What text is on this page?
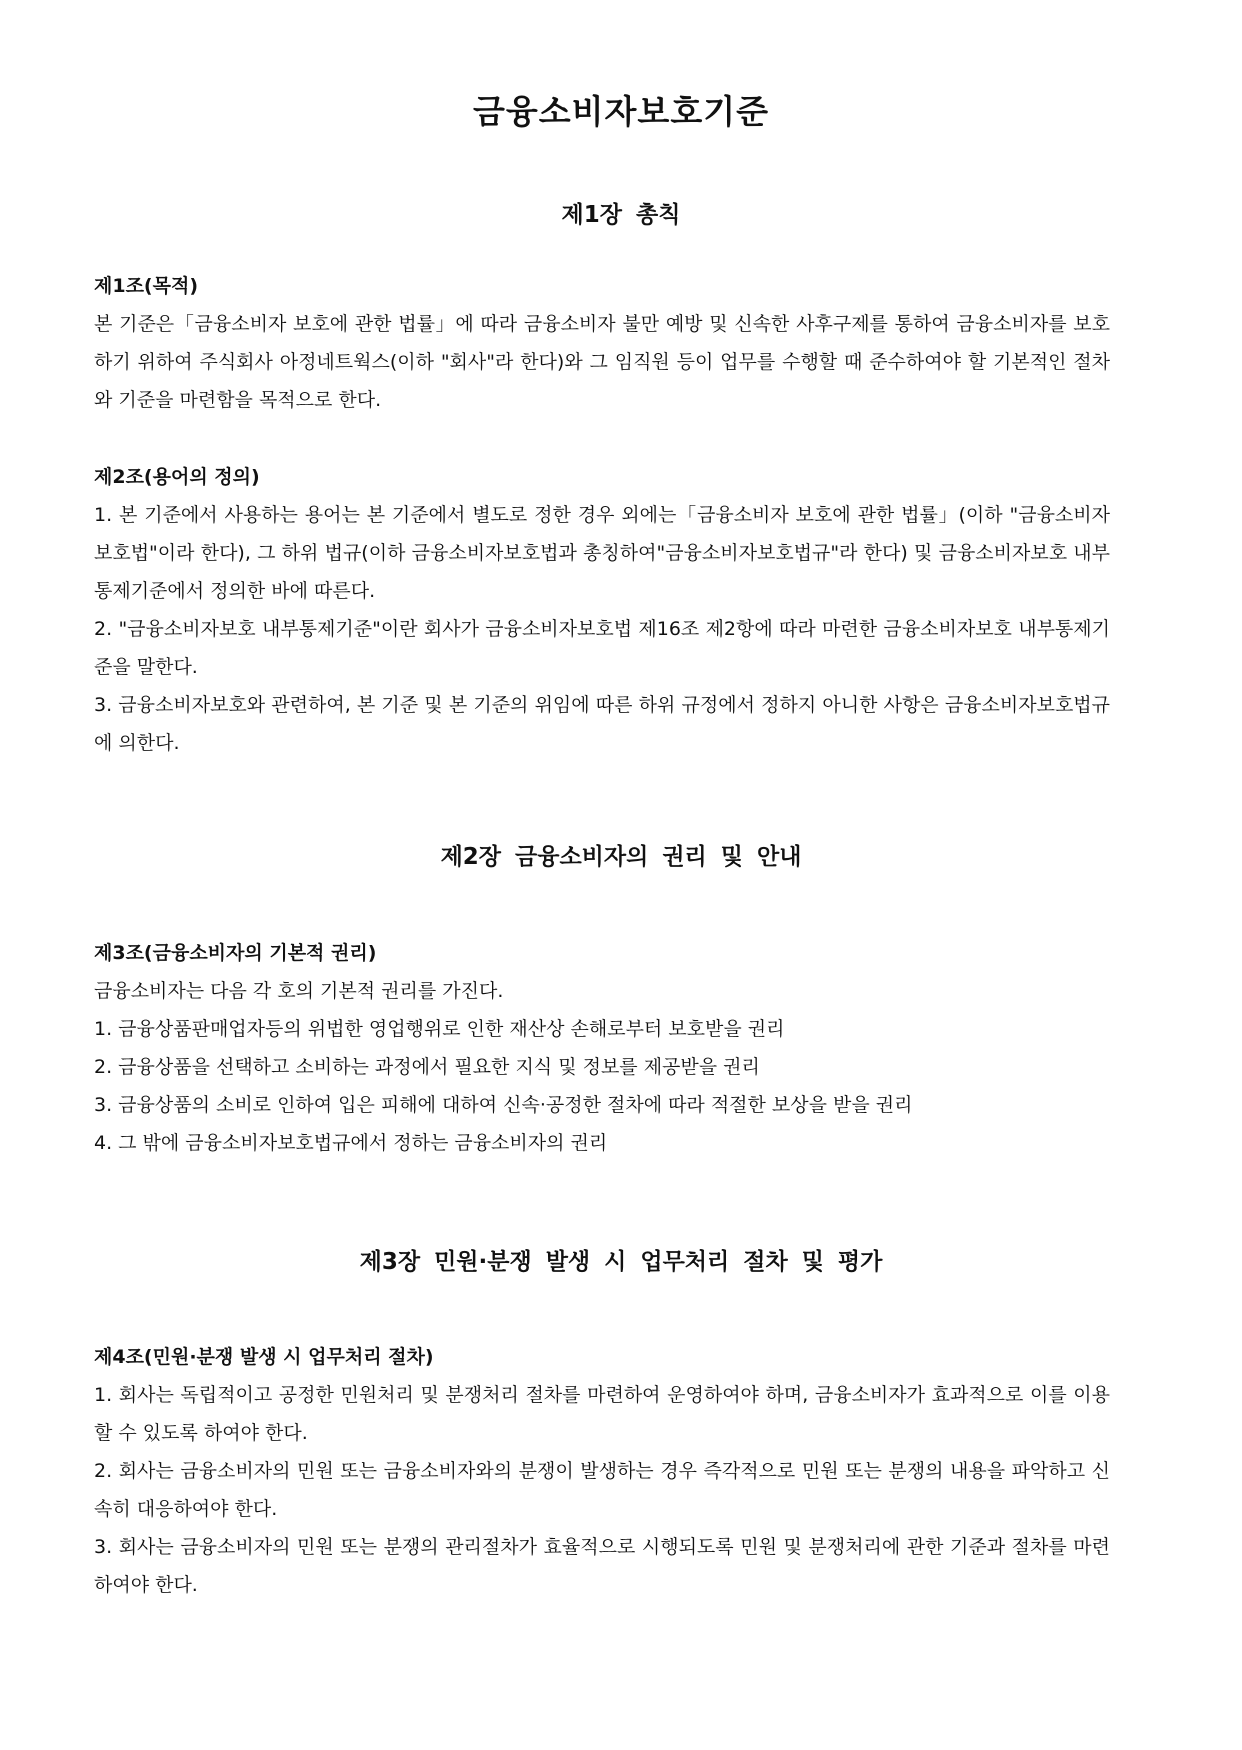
금융소비자보호기준
제1장 총칙

제1조(목적)

본 기준은「금융소비자 보호에 관한 법률」에 따라 금융소비자 불만 예방 및 신속한 사후구제를 통하여 금융소비자를 보호하기 위하여 주식회사 아정네트웍스(이하 "회사"라 한다)와 그 임직원 등이 업무를 수행할 때 준수하여야 할 기본적인 절차와 기준을 마련함을 목적으로 한다.

제2조(용어의 정의)

1. 본 기준에서 사용하는 용어는 본 기준에서 별도로 정한 경우 외에는「금융소비자 보호에 관한 법률」(이하 "금융소비자보호법"이라 한다), 그 하위 법규(이하 금융소비자보호법과 총칭하여"금융소비자보호법규"라 한다) 및 금융소비자보호 내부통제기준에서 정의한 바에 따른다.

2. "금융소비자보호 내부통제기준"이란 회사가 금융소비자보호법 제16조 제2항에 따라 마련한 금융소비자보호 내부통제기준을 말한다.

3. 금융소비자보호와 관련하여, 본 기준 및 본 기준의 위임에 따른 하위 규정에서 정하지 아니한 사항은 금융소비자보호법규에 의한다.

제2장 금융소비자의 권리 및 안내

제3조(금융소비자의 기본적 권리)

금융소비자는 다음 각 호의 기본적 권리를 가진다.

1. 금융상품판매업자등의 위법한 영업행위로 인한 재산상 손해로부터 보호받을 권리

2. 금융상품을 선택하고 소비하는 과정에서 필요한 지식 및 정보를 제공받을 권리

3. 금융상품의 소비로 인하여 입은 피해에 대하여 신속·공정한 절차에 따라 적절한 보상을 받을 권리

4. 그 밖에 금융소비자보호법규에서 정하는 금융소비자의 권리

제3장 민원·분쟁 발생 시 업무처리 절차 및 평가

제4조(민원·분쟁 발생 시 업무처리 절차)

1. 회사는 독립적이고 공정한 민원처리 및 분쟁처리 절차를 마련하여 운영하여야 하며, 금융소비자가 효과적으로 이를 이용할 수 있도록 하여야 한다.

2. 회사는 금융소비자의 민원 또는 금융소비자와의 분쟁이 발생하는 경우 즉각적으로 민원 또는 분쟁의 내용을 파악하고 신속히 대응하여야 한다.

3. 회사는 금융소비자의 민원 또는 분쟁의 관리절차가 효율적으로 시행되도록 민원 및 분쟁처리에 관한 기준과 절차를 마련하여야 한다.
